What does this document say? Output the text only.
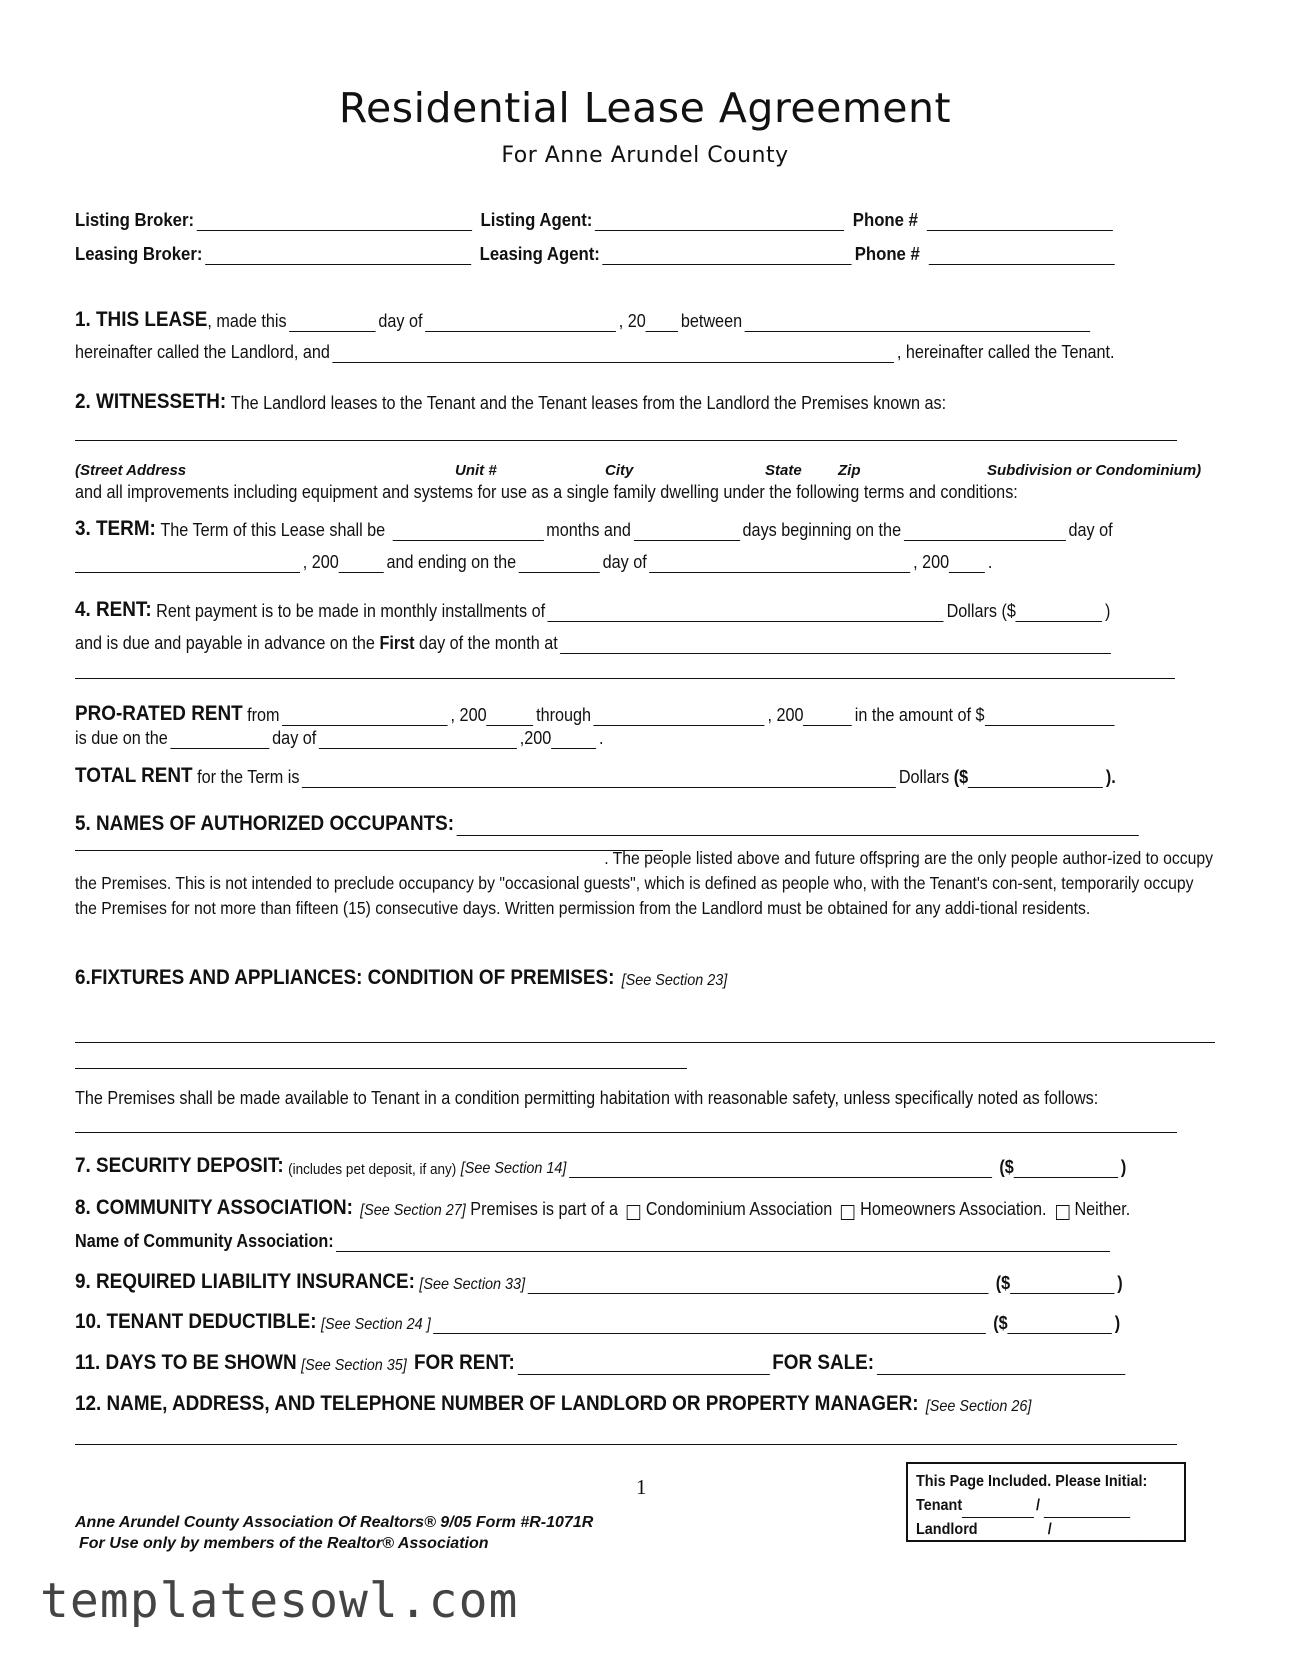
Residential Lease Agreement
For Anne Arundel County
Listing Broker:	Listing Agent:	Phone #
Leasing Broker:	Leasing Agent:	Phone #
1. THIS LEASE , made this	day of	, 20 between
hereinafter called the Landlord, and	, hereinafter called the Tenant.
2. WITNESSETH: The Landlord leases to the Tenant and the Tenant leases from the Landlord the Premises known as:
(Street Address	Unit #	City	State Zip	Subdivision or Condominium)
and all improvements including equipment and systems for use as a single family dwelling under the following terms and conditions:
3. TERM: The Term of this Lease shall be	months and	days beginning on the	day of
, 200	and ending on the	day of	, 200 .
4. RENT: Rent payment is to be made in monthly installments of	Dollars ($	)
and is due and payable in advance on the First day of the month at
PRO-RATED RENT from	, 200	through	, 200	in the amount of $
is due on the	day of	,200	.
TOTAL RENT for the Term is	Dollars ($	).
5. NAMES OF AUTHORIZED OCCUPANTS:
. The people listed above and future offspring are the only people author-ized to occupy the Premises. This is not intended to preclude occupancy by "occasional guests", which is defined as people who, with the Tenant's con-sent, temporarily occupy the Premises for not more than fifteen (15) consecutive days. Written permission from the Landlord must be obtained for any addi-tional residents.
6.FIXTURES AND APPLIANCES: CONDITION OF PREMISES: [See Section 23]
The Premises shall be made available to Tenant in a condition permitting habitation with reasonable safety, unless specifically noted as follows:
7. SECURITY DEPOSIT: (includes pet deposit, if any) [See Section 14]	($	)
8. COMMUNITY ASSOCIATION: [See Section 27] Premises is part of a Condominium Association Homeowners Association. Neither.
Name of Community Association:
9. REQUIRED LIABILITY INSURANCE: [See Section 33]	($	)
10. TENANT DEDUCTIBLE: [See Section 24 ]	($	)
11. DAYS TO BE SHOWN [See Section 35] FOR RENT:	FOR SALE:
12. NAME, ADDRESS, AND TELEPHONE NUMBER OF LANDLORD OR PROPERTY MANAGER: [See Section 26]
1	This Page Included. Please Initial:
Tenant	/
Landlord	/
Anne Arundel County Association Of Realtors® 9/05 Form #R-1071R
For Use only by members of the Realtor® Association
templatesowl.com
